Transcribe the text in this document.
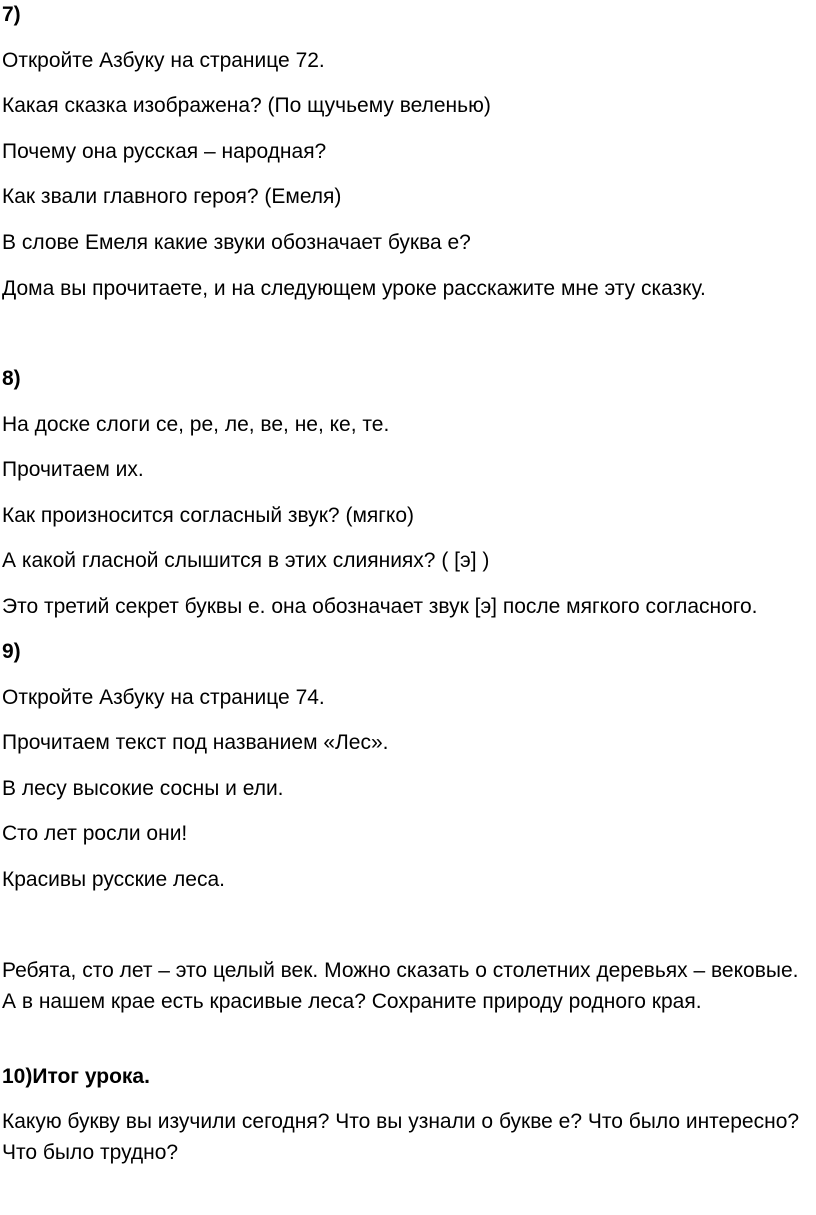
7)
Откройте Азбуку на странице 72.
Какая сказка изображена? (По щучьему веленью)
Почему она русская – народная?
Как звали главного героя? (Емеля)
В слове Емеля какие звуки обозначает буква е?
Дома вы прочитаете, и на следующем уроке расскажите мне эту сказку.
8)
На доске слоги се, ре, ле, ве, не, ке, те.
Прочитаем их.
Как произносится согласный звук? (мягко)
А какой гласной слышится в этих слияниях? ( [э] )
Это третий секрет буквы е. она обозначает звук [э] после мягкого согласного.
9)
Откройте Азбуку на странице 74.
Прочитаем текст под названием «Лес».
В лесу высокие сосны и ели.
Сто лет росли они!
Красивы русские леса.
Ребята, сто лет – это целый век. Можно сказать о столетних деревьях – вековые. А в нашем крае есть красивые леса? Сохраните природу родного края.
10)Итог урока.
Какую букву вы изучили сегодня? Что вы узнали о букве е? Что было интересно? Что было трудно?
